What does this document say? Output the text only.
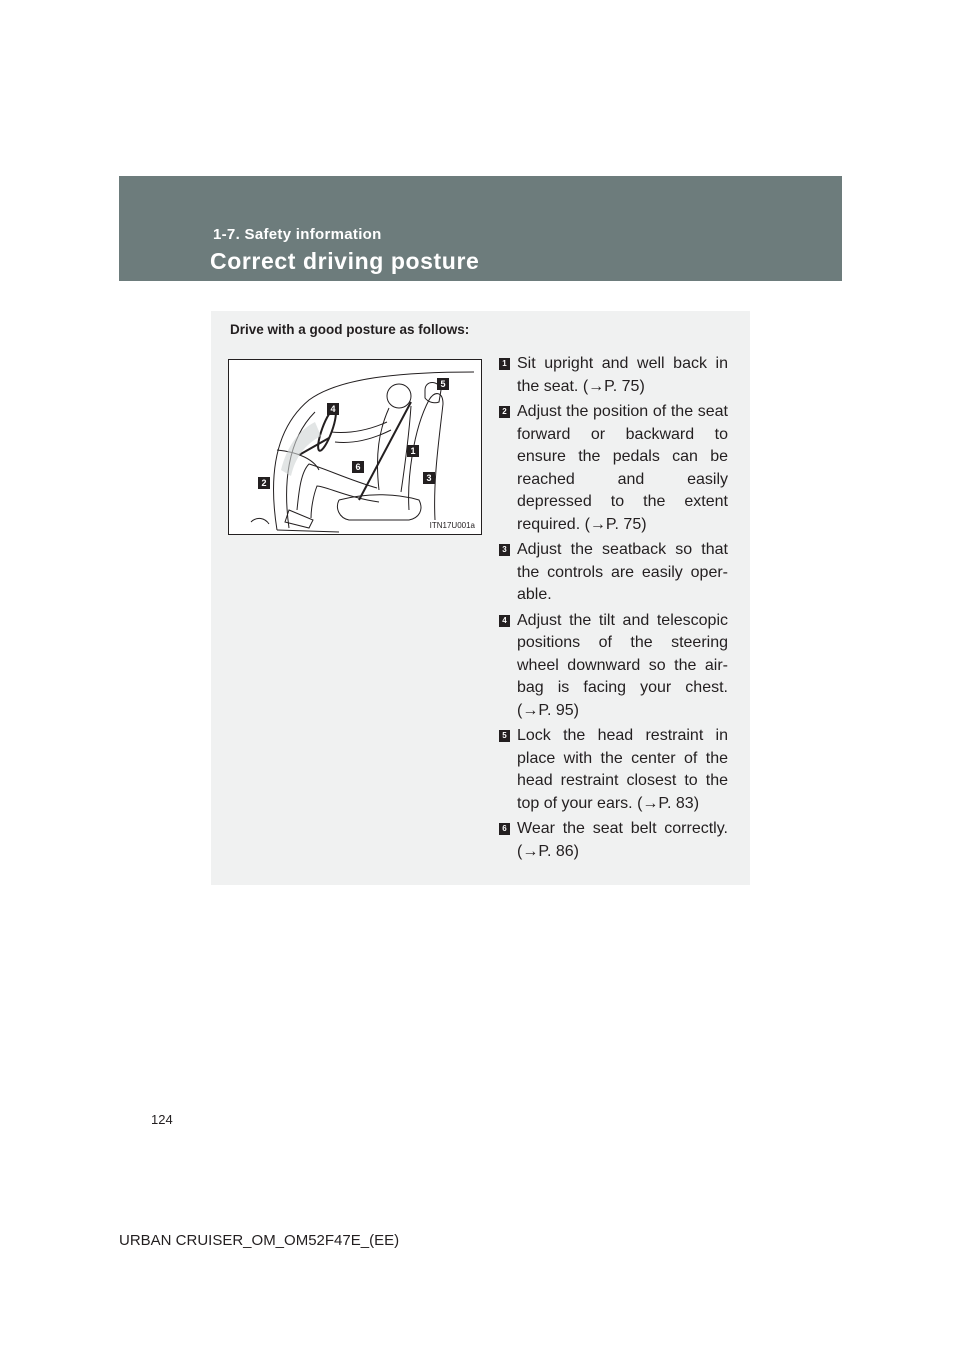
1-7. Safety information
Correct driving posture
Drive with a good posture as follows:
4
5
1
6
3
2
ITN17U001a
1 Sit upright and well back in the seat. (→P. 75)
2 Adjust the position of the seat forward or backward to ensure the pedals can be reached and easily depressed to the extent required. (→P. 75)
3 Adjust the seatback so that the controls are easily oper-able.
4 Adjust the tilt and telescopic positions of the steering wheel downward so the air-bag is facing your chest. (→P. 95)
5 Lock the head restraint in place with the center of the head restraint closest to the top of your ears. (→P. 83)
6 Wear the seat belt correctly. (→P. 86)
124
URBAN CRUISER_OM_OM52F47E_(EE)
